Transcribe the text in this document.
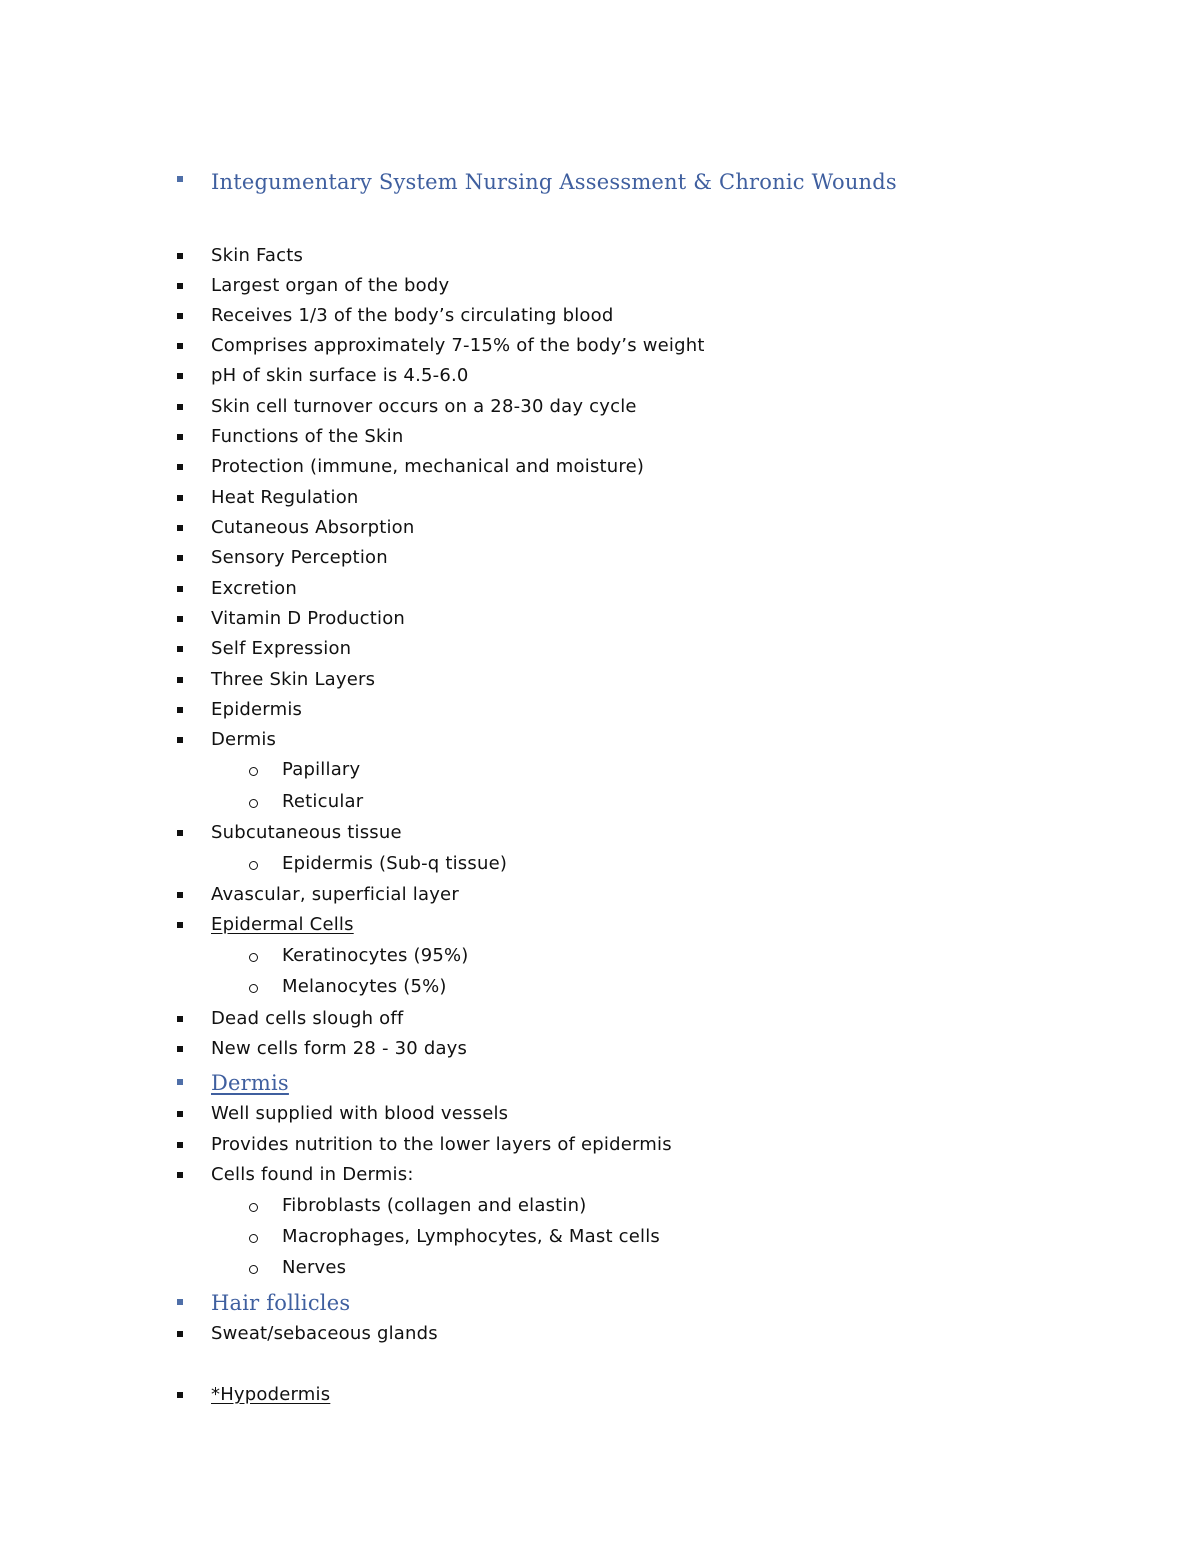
Integumentary System Nursing Assessment & Chronic Wounds
Skin Facts
Largest organ of the body
Receives 1/3 of the body’s circulating blood
Comprises approximately 7-15% of the body’s weight
pH of skin surface is 4.5-6.0
Skin cell turnover occurs on a 28-30 day cycle
Functions of the Skin
Protection (immune, mechanical and moisture)
Heat Regulation
Cutaneous Absorption
Sensory Perception
Excretion
Vitamin D Production
Self Expression
Three Skin Layers
Epidermis
Dermis
Papillary
Reticular
Subcutaneous tissue
Epidermis (Sub-q tissue)
Avascular, superficial layer
Epidermal Cells
Keratinocytes (95%)
Melanocytes (5%)
Dead cells slough off
New cells form 28 - 30 days
Dermis
Well supplied with blood vessels
Provides nutrition to the lower layers of epidermis
Cells found in Dermis:
Fibroblasts (collagen and elastin)
Macrophages, Lymphocytes, & Mast cells
Nerves
Hair follicles
Sweat/sebaceous glands
*Hypodermis
